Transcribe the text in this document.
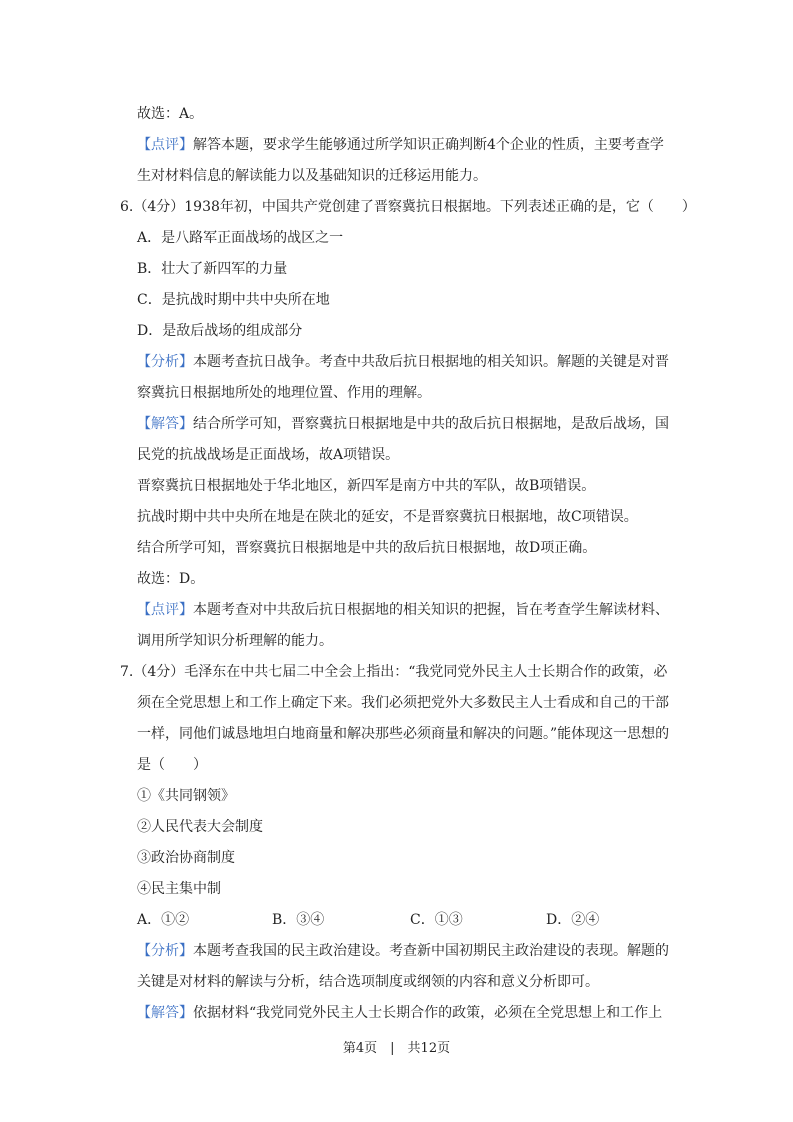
故选：A。
【点评】解答本题，要求学生能够通过所学知识正确判断4个企业的性质，主要考查学
生对材料信息的解读能力以及基础知识的迁移运用能力。
6.（4分）1938年初，中国共产党创建了晋察冀抗日根据地。下列表述正确的是，它（　　）
A．是八路军正面战场的战区之一
B．壮大了新四军的力量
C．是抗战时期中共中央所在地
D．是敌后战场的组成部分
【分析】本题考查抗日战争。考查中共敌后抗日根据地的相关知识。解题的关键是对晋
察冀抗日根据地所处的地理位置、作用的理解。
【解答】结合所学可知，晋察冀抗日根据地是中共的敌后抗日根据地，是敌后战场，国
民党的抗战战场是正面战场，故A项错误。
晋察冀抗日根据地处于华北地区，新四军是南方中共的军队，故B项错误。
抗战时期中共中央所在地是在陕北的延安，不是晋察冀抗日根据地，故C项错误。
结合所学可知，晋察冀抗日根据地是中共的敌后抗日根据地，故D项正确。
故选：D。
【点评】本题考查对中共敌后抗日根据地的相关知识的把握，旨在考查学生解读材料、
调用所学知识分析理解的能力。
7.（4分）毛泽东在中共七届二中全会上指出：“我党同党外民主人士长期合作的政策，必
须在全党思想上和工作上确定下来。我们必须把党外大多数民主人士看成和自己的干部
一样，同他们诚恳地坦白地商量和解决那些必须商量和解决的问题。”能体现这一思想的
是（　　）
①《共同钢领》
②人民代表大会制度
③政治协商制度
④民主集中制
A．①②	B．③④	C．①③	D．②④
【分析】本题考查我国的民主政治建设。考查新中国初期民主政治建设的表现。解题的
关键是对材料的解读与分析，结合选项制度或纲领的内容和意义分析即可。
【解答】依据材料“我党同党外民主人士长期合作的政策，必须在全党思想上和工作上
第4页　|　共12页
